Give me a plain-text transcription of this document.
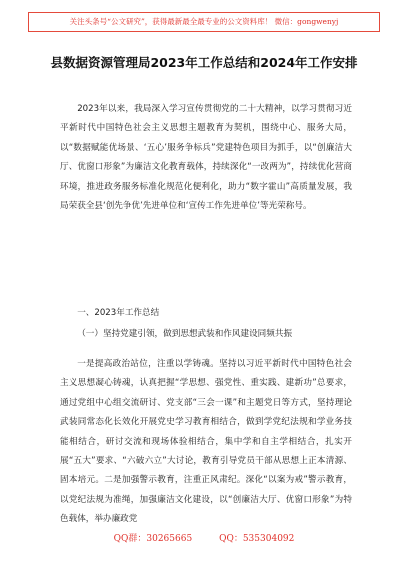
关注头条号“公文研究”，获得最新最全最专业的公文资料库！ 微信：gongwenyj
县数据资源管理局2023年工作总结和2024年工作安排

2023年以来，我局深入学习宣传贯彻党的二十大精神，以学习贯彻习近平新时代中国特色社会主义思想主题教育为契机，围绕中心、服务大局，以“数据赋能优场景、‘五心’服务争标兵”党建特色项目为抓手，以“创廉洁大厅、优窗口形象”为廉洁文化教育载体，持续深化“一改两为”，持续优化营商环境，推进政务服务标准化规范化便利化，助力“数字霍山”高质量发展，我局荣获全县‘创先争优’先进单位和‘宣传工作先进单位’等光荣称号。

一、2023年工作总结

（一）坚持党建引领，做到思想武装和作风建设同频共振

一是提高政治站位，注重以学铸魂。坚持以习近平新时代中国特色社会主义思想凝心铸魂，认真把握“学思想、强党性、重实践、建新功”总要求，通过党组中心组交流研讨、党支部“三会一课”和主题党日等方式，坚持理论武装同常态化长效化开展党史学习教育相结合，做到学党纪法规和学业务技能相结合，研讨交流和现场体验相结合，集中学和自主学相结合，扎实开展“五大”要求、“六破六立”大讨论，教育引导党员干部从思想上正本清源、固本培元。二是加强警示教育，注重正风肃纪。深化“以案为戒”警示教育，以党纪法规为准绳，加强廉洁文化建设，以“创廉洁大厅、优窗口形象”为特色载体，举办廉政党

QQ群：30265665	QQ：535304092
